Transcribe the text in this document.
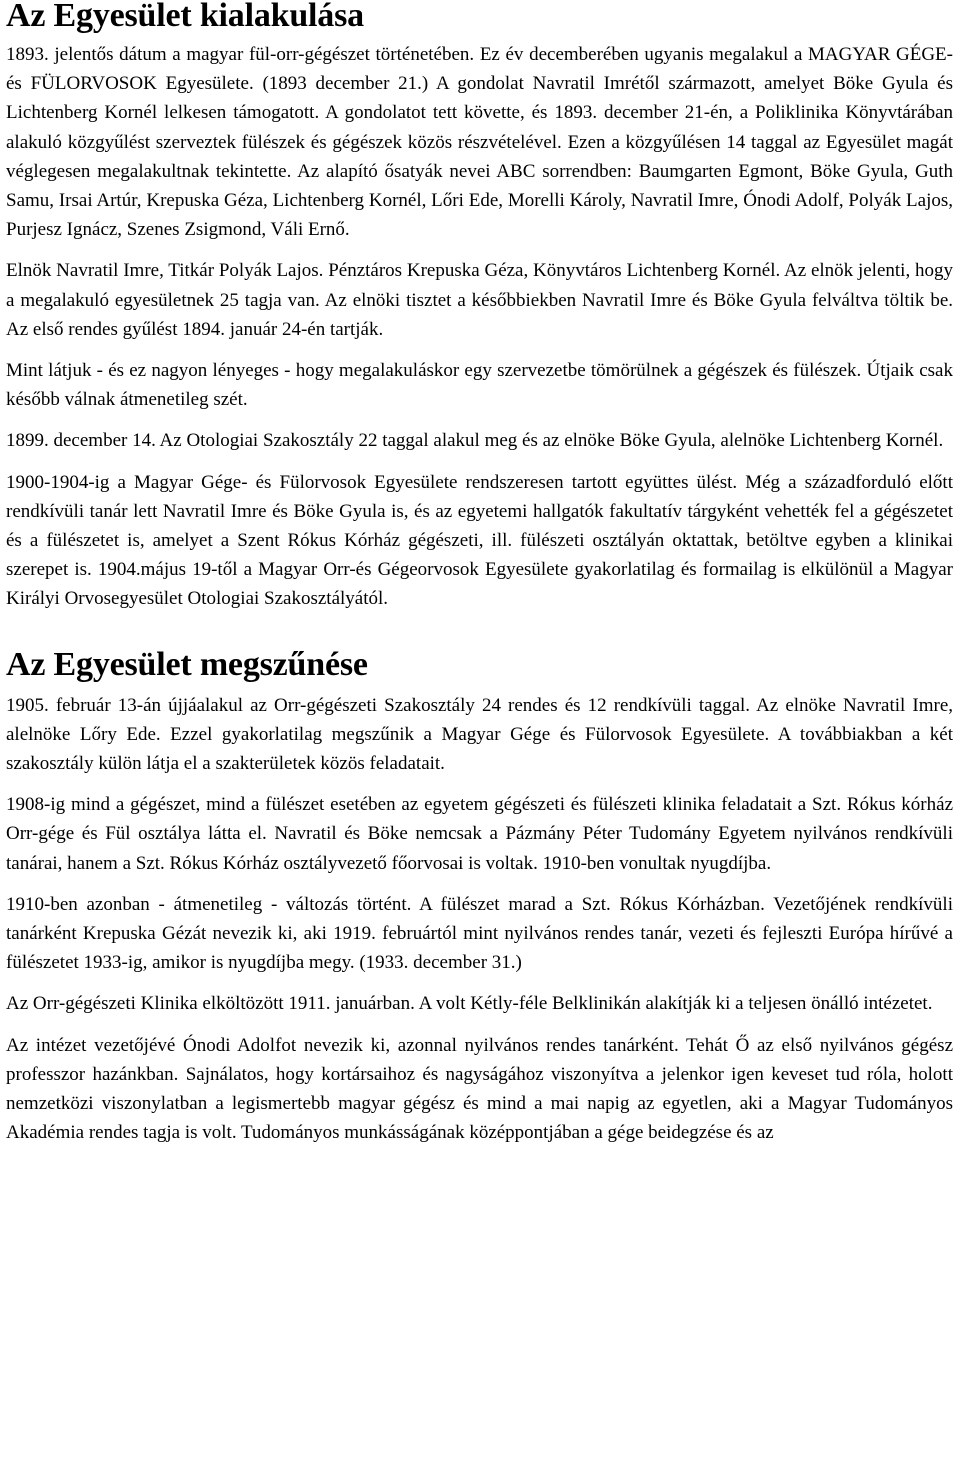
Az Egyesület kialakulása

1893. jelentős dátum a magyar fül-orr-gégészet történetében. Ez év decemberében ugyanis megalakul a MAGYAR GÉGE- és FÜLORVOSOK Egyesülete. (1893 december 21.) A gondolat Navratil Imrétől származott, amelyet Böke Gyula és Lichtenberg Kornél lelkesen támogatott. A gondolatot tett követte, és 1893. december 21-én, a Poliklinika Könyvtárában alakuló közgyűlést szerveztek fülészek és gégészek közös részvételével. Ezen a közgyűlésen 14 taggal az Egyesület magát véglegesen megalakultnak tekintette. Az alapító ősatyák nevei ABC sorrendben: Baumgarten Egmont, Böke Gyula, Guth Samu, Irsai Artúr, Krepuska Géza, Lichtenberg Kornél, Lőri Ede, Morelli Károly, Navratil Imre, Ónodi Adolf, Polyák Lajos, Purjesz Ignácz, Szenes Zsigmond, Váli Ernő.

Elnök Navratil Imre, Titkár Polyák Lajos. Pénztáros Krepuska Géza, Könyvtáros Lichtenberg Kornél. Az elnök jelenti, hogy a megalakuló egyesületnek 25 tagja van. Az elnöki tisztet a későbbiekben Navratil Imre és Böke Gyula felváltva töltik be. Az első rendes gyűlést 1894. január 24-én tartják.

Mint látjuk - és ez nagyon lényeges - hogy megalakuláskor egy szervezetbe tömörülnek a gégészek és fülészek. Útjaik csak később válnak átmenetileg szét.

1899. december 14. Az Otologiai Szakosztály 22 taggal alakul meg és az elnöke Böke Gyula, alelnöke Lichtenberg Kornél.

1900-1904-ig a Magyar Gége- és Fülorvosok Egyesülete rendszeresen tartott együttes ülést. Még a századforduló előtt rendkívüli tanár lett Navratil Imre és Böke Gyula is, és az egyetemi hallgatók fakultatív tárgyként vehették fel a gégészetet és a fülészetet is, amelyet a Szent Rókus Kórház gégészeti, ill. fülészeti osztályán oktattak, betöltve egyben a klinikai szerepet is. 1904.május 19-től a Magyar Orr-és Gégeorvosok Egyesülete gyakorlatilag és formailag is elkülönül a Magyar Királyi Orvosegyesület Otologiai Szakosztályától.

Az Egyesület megszűnése

1905. február 13-án újjáalakul az Orr-gégészeti Szakosztály 24 rendes és 12 rendkívüli taggal. Az elnöke Navratil Imre, alelnöke Lőry Ede. Ezzel gyakorlatilag megszűnik a Magyar Gége és Fülorvosok Egyesülete. A továbbiakban a két szakosztály külön látja el a szakterületek közös feladatait.

1908-ig mind a gégészet, mind a fülészet esetében az egyetem gégészeti és fülészeti klinika feladatait a Szt. Rókus kórház Orr-gége és Fül osztálya látta el. Navratil és Böke nemcsak a Pázmány Péter Tudomány Egyetem nyilvános rendkívüli tanárai, hanem a Szt. Rókus Kórház osztályvezető főorvosai is voltak. 1910-ben vonultak nyugdíjba.

1910-ben azonban - átmenetileg - változás történt. A fülészet marad a Szt. Rókus Kórházban. Vezetőjének rendkívüli tanárként Krepuska Gézát nevezik ki, aki 1919. februártól mint nyilvános rendes tanár, vezeti és fejleszti Európa hírűvé a fülészetet 1933-ig, amikor is nyugdíjba megy. (1933. december 31.)

Az Orr-gégészeti Klinika elköltözött 1911. januárban. A volt Kétly-féle Belklinikán alakítják ki a teljesen önálló intézetet.

Az intézet vezetőjévé Ónodi Adolfot nevezik ki, azonnal nyilvános rendes tanárként. Tehát Ő az első nyilvános gégész professzor hazánkban. Sajnálatos, hogy kortársaihoz és nagyságához viszonyítva a jelenkor igen keveset tud róla, holott nemzetközi viszonylatban a legismertebb magyar gégész és mind a mai napig az egyetlen, aki a Magyar Tudományos Akadémia rendes tagja is volt. Tudományos munkásságának középpontjában a gége beidegzése és az
